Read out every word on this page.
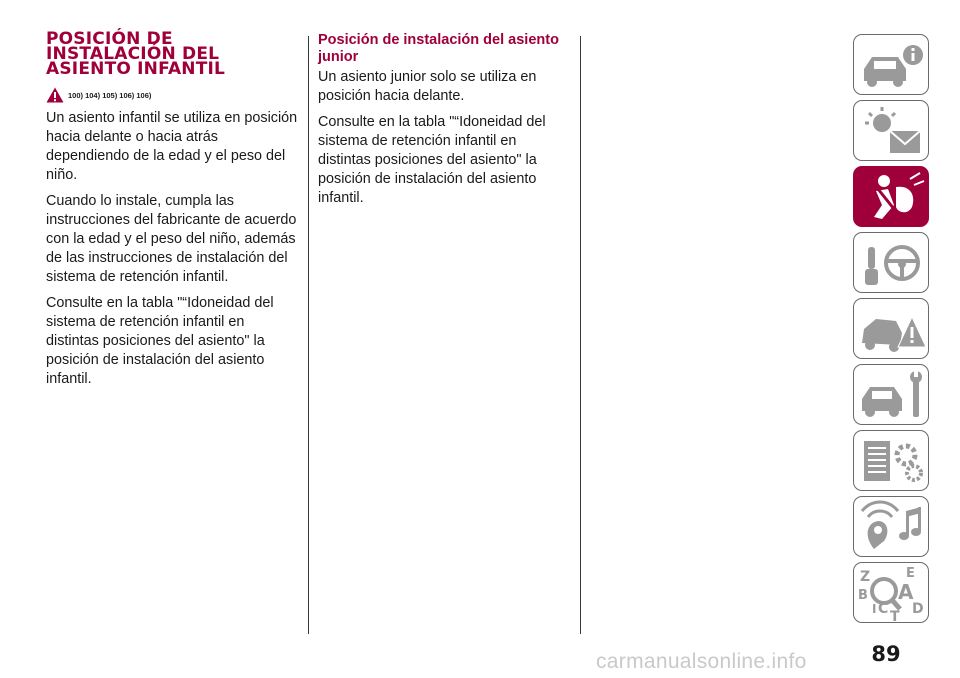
POSICIÓN DE INSTALACIÓN DEL ASIENTO INFANTIL
100) 104) 105) 106) 106)

Un asiento infantil se utiliza en posición hacia delante o hacia atrás dependiendo de la edad y el peso del niño.

Cuando lo instale, cumpla las instrucciones del fabricante de acuerdo con la edad y el peso del niño, además de las instrucciones de instalación del sistema de retención infantil.

Consulte en la tabla "“Idoneidad del sistema de retención infantil en distintas posiciones del asiento" la posición de instalación del asiento infantil.

Posición de instalación del asiento junior

Un asiento junior solo se utiliza en posición hacia delante.

Consulte en la tabla "“Idoneidad del sistema de retención infantil en distintas posiciones del asiento" la posición de instalación del asiento infantil.

Z	E
B A
I C D
T
89
carmanualsonline.info
